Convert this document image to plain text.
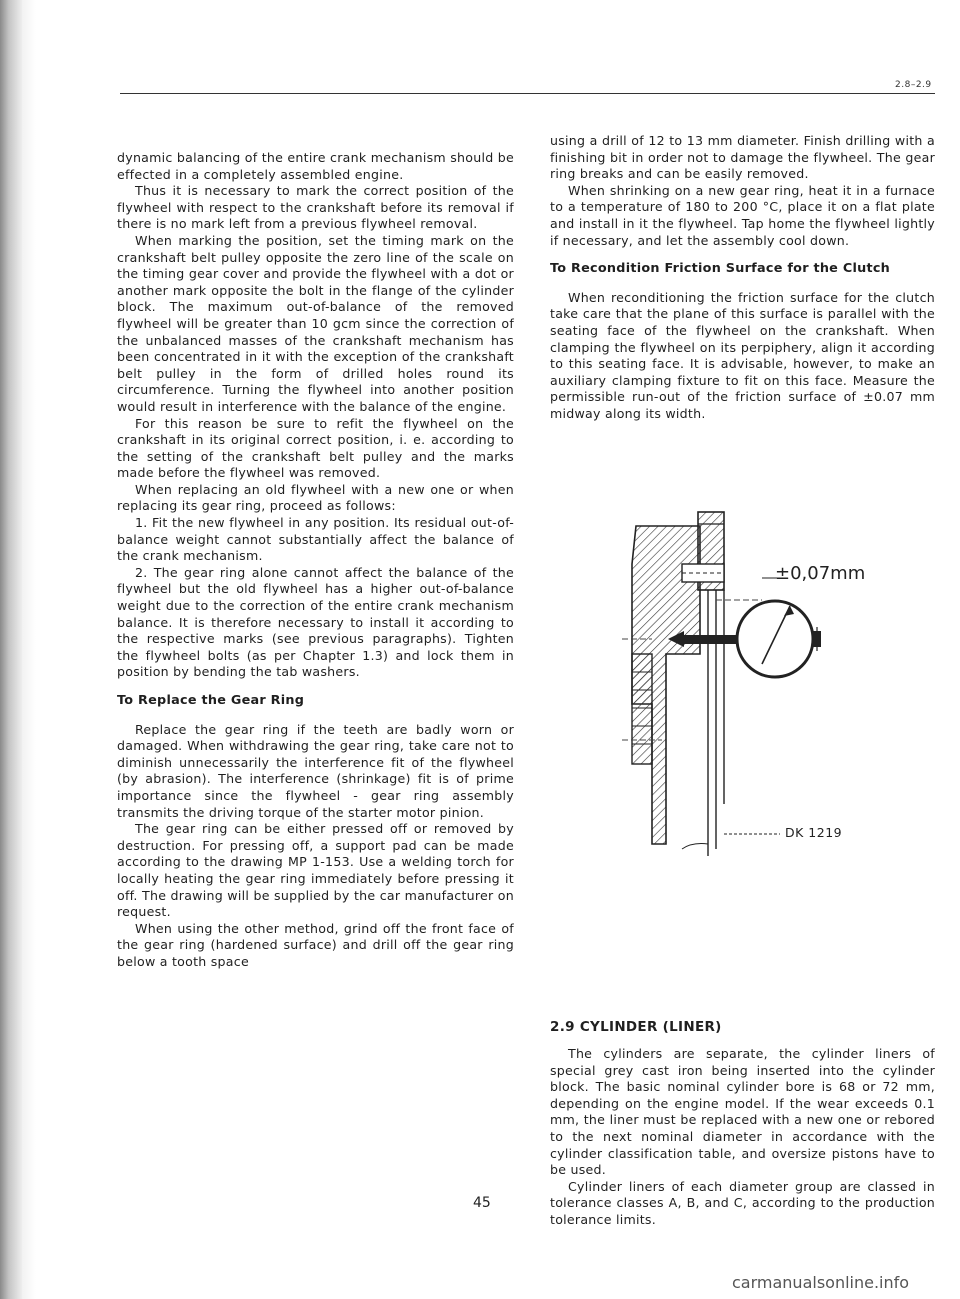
2.8–2.9

dynamic balancing of the entire crank mechanism should be effected in a completely assembled engine.

Thus it is necessary to mark the correct position of the flywheel with respect to the crankshaft before its removal if there is no mark left from a previous flywheel removal.

When marking the position, set the timing mark on the crankshaft belt pulley opposite the zero line of the scale on the timing gear cover and provide the flywheel with a dot or another mark opposite the bolt in the flange of the cylinder block. The maximum out-of-balance of the removed flywheel will be greater than 10 gcm since the correction of the unbalanced masses of the crankshaft mechanism has been concentrated in it with the exception of the crankshaft belt pulley in the form of drilled holes round its circumference. Turning the flywheel into another position would result in interference with the balance of the engine.

For this reason be sure to refit the flywheel on the crankshaft in its original correct position, i. e. according to the setting of the crankshaft belt pulley and the marks made before the flywheel was removed.

When replacing an old flywheel with a new one or when replacing its gear ring, proceed as follows:

1. Fit the new flywheel in any position. Its residual out-of-balance weight cannot substantially affect the balance of the crank mechanism.

2. The gear ring alone cannot affect the balance of the flywheel but the old flywheel has a higher out-of-balance weight due to the correction of the entire crank mechanism balance. It is therefore necessary to install it according to the respective marks (see previous paragraphs). Tighten the flywheel bolts (as per Chapter 1.3) and lock them in position by bending the tab washers.

To Replace the Gear Ring

Replace the gear ring if the teeth are badly worn or damaged. When withdrawing the gear ring, take care not to diminish unnecessarily the interference fit of the flywheel (by abrasion). The interference (shrinkage) fit is of prime importance since the flywheel - gear ring assembly transmits the driving torque of the starter motor pinion.

The gear ring can be either pressed off or removed by destruction. For pressing off, a support pad can be made according to the drawing MP 1-153. Use a welding torch for locally heating the gear ring immediately before pressing it off. The drawing will be supplied by the car manufacturer on request.

When using the other method, grind off the front face of the gear ring (hardened surface) and drill off the gear ring below a tooth space

using a drill of 12 to 13 mm diameter. Finish drilling with a finishing bit in order not to damage the flywheel. The gear ring breaks and can be easily removed.

When shrinking on a new gear ring, heat it in a furnace to a temperature of 180 to 200 °C, place it on a flat plate and install in it the flywheel. Tap home the flywheel lightly if necessary, and let the assembly cool down.

To Recondition Friction Surface for the Clutch

When reconditioning the friction surface for the clutch take care that the plane of this surface is parallel with the seating face of the flywheel on the crankshaft. When clamping the flywheel on its perpiphery, align it according to this seating face. It is advisable, however, to make an auxiliary clamping fixture to fit on this face. Measure the permissible run-out of the friction surface of ±0.07 mm midway along its width.

±0,07mm
DK 1219
2.9 CYLINDER (LINER)

The cylinders are separate, the cylinder liners of special grey cast iron being inserted into the cylinder block. The basic nominal cylinder bore is 68 or 72 mm, depending on the engine model. If the wear exceeds 0.1 mm, the liner must be replaced with a new one or rebored to the next nominal diameter in accordance with the cylinder classification table, and oversize pistons have to be used.

Cylinder liners of each diameter group are classed in tolerance classes A, B, and C, according to the production tolerance limits.

45
carmanualsonline.info
